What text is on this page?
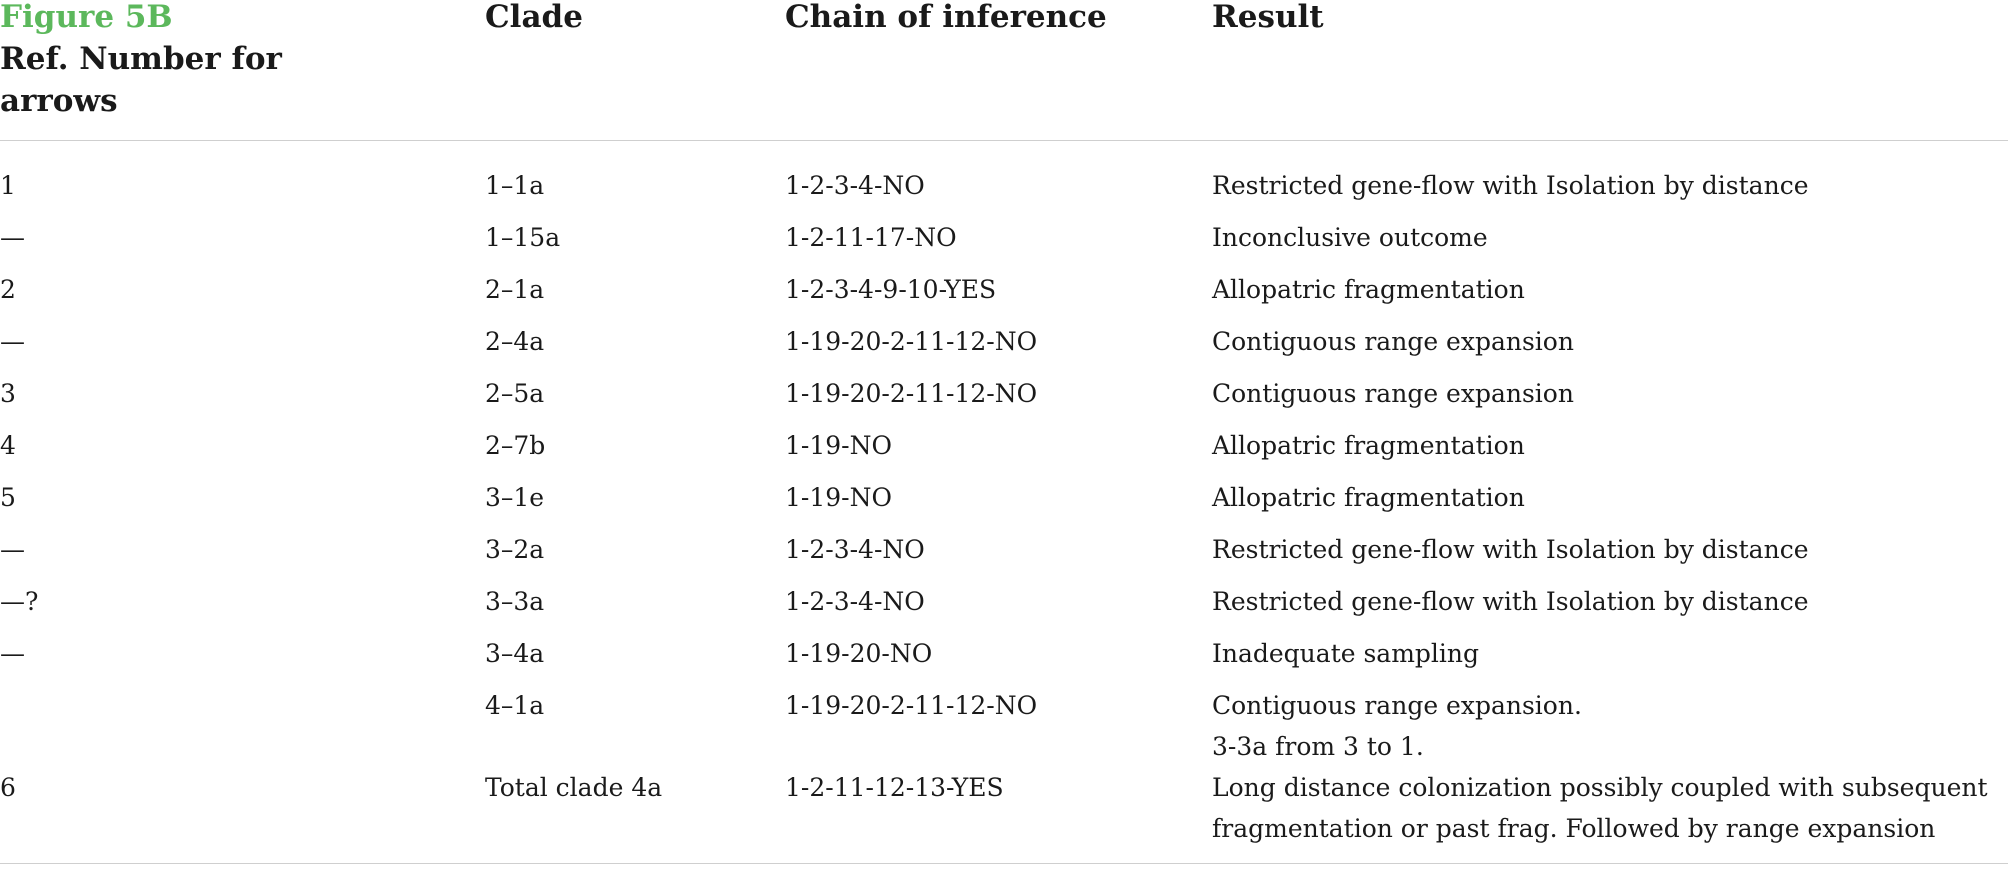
Figure 5B
Ref. Number for arrows	Clade	Chain of inference	Result

1	1–1a	1-2-3-4-NO	Restricted gene-flow with Isolation by distance

—	1–15a	1-2-11-17-NO	Inconclusive outcome

2	2–1a	1-2-3-4-9-10-YES	Allopatric fragmentation

—	2–4a	1-19-20-2-11-12-NO	Contiguous range expansion

3	2–5a	1-19-20-2-11-12-NO	Contiguous range expansion

4	2–7b	1-19-NO	Allopatric fragmentation

5	3–1e	1-19-NO	Allopatric fragmentation

—	3–2a	1-2-3-4-NO	Restricted gene-flow with Isolation by distance

—?	3–3a	1-2-3-4-NO	Restricted gene-flow with Isolation by distance

—	3–4a	1-19-20-NO	Inadequate sampling

	4–1a	1-19-20-2-11-12-NO	Contiguous range expansion.
3-3a from 3 to 1.

6	Total clade 4a	1-2-11-12-13-YES	Long distance colonization possibly coupled with subsequent
fragmentation or past frag. Followed by range expansion
